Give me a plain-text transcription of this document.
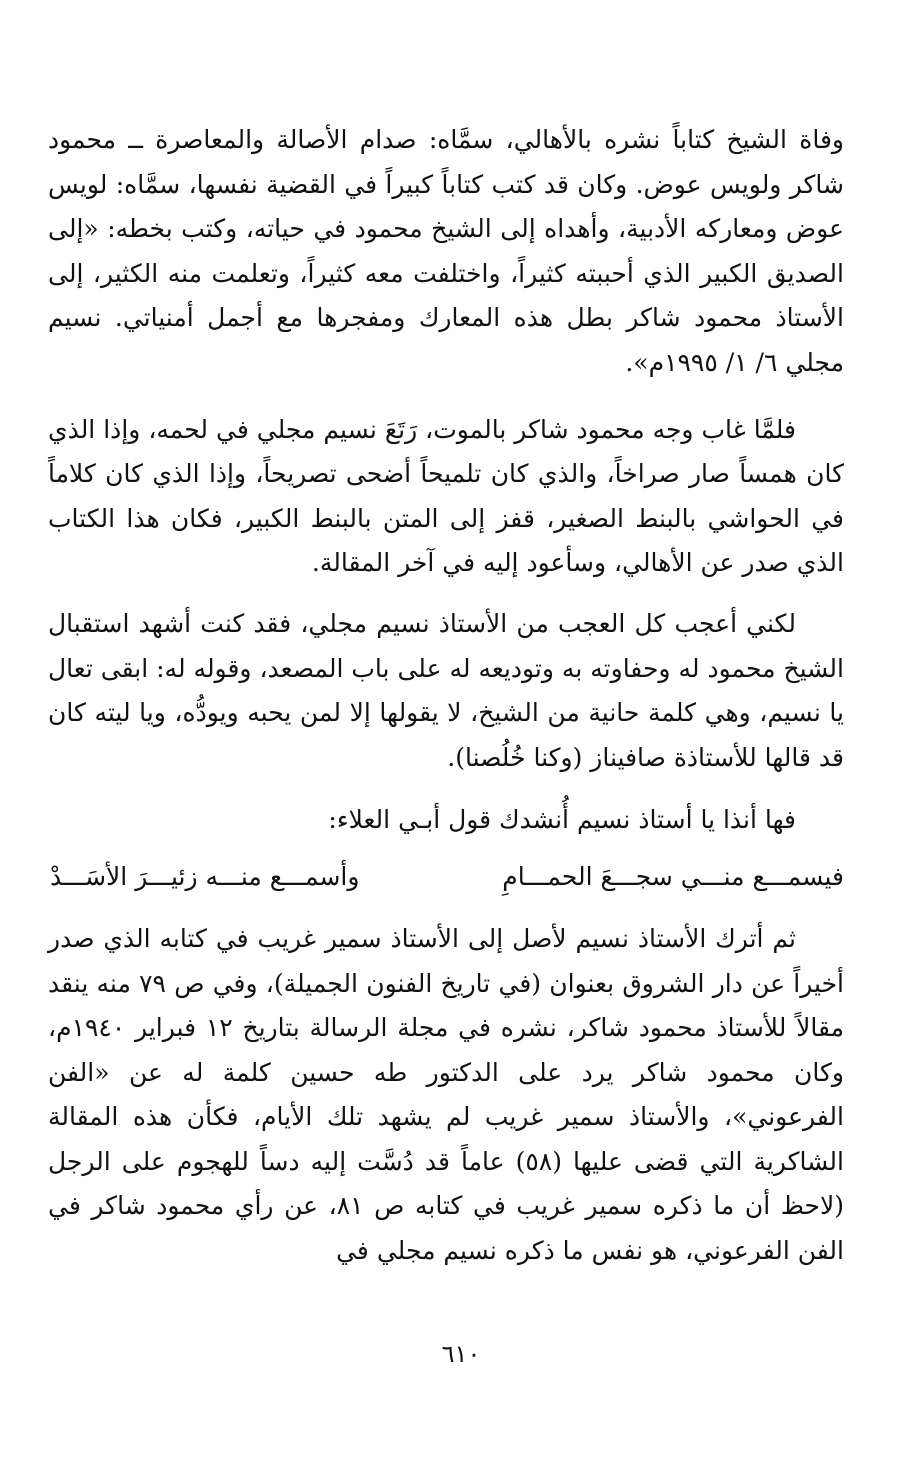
وفاة الشيخ كتاباً نشره بالأهالي، سمَّاه: صدام الأصالة والمعاصرة ــ محمود شاكر ولويس عوض. وكان قد كتب كتاباً كبيراً في القضية نفسها، سمَّاه: لويس عوض ومعاركه الأدبية، وأهداه إلى الشيخ محمود في حياته، وكتب بخطه: «إلى الصديق الكبير الذي أحببته كثيراً، واختلفت معه كثيراً، وتعلمت منه الكثير، إلى الأستاذ محمود شاكر بطل هذه المعارك ومفجرها مع أجمل أمنياتي. نسيم مجلي ٦/ ١/ ١٩٩٥م».

فلمَّا غاب وجه محمود شاكر بالموت، رَتَعَ نسيم مجلي في لحمه، وإذا الذي كان همساً صار صراخاً، والذي كان تلميحاً أضحى تصريحاً، وإذا الذي كان كلاماً في الحواشي بالبنط الصغير، قفز إلى المتن بالبنط الكبير، فكان هذا الكتاب الذي صدر عن الأهالي، وسأعود إليه في آخر المقالة.

لكني أعجب كل العجب من الأستاذ نسيم مجلي، فقد كنت أشهد استقبال الشيخ محمود له وحفاوته به وتوديعه له على باب المصعد، وقوله له: ابقى تعال يا نسيم، وهي كلمة حانية من الشيخ، لا يقولها إلا لمن يحبه ويودُّه، ويا ليته كان قد قالها للأستاذة صافيناز (وكنا خُلُصنا).

فها أنذا يا أستاذ نسيم أُنشدك قول أبـي العلاء:

فيسمـــع منـــي سجـــعَ الحمـــامِ
وأسمـــع منـــه زئيـــرَ الأسَـــدْ

ثم أترك الأستاذ نسيم لأصل إلى الأستاذ سمير غريب في كتابه الذي صدر أخيراً عن دار الشروق بعنوان (في تاريخ الفنون الجميلة)، وفي ص ٧٩ منه ينقد مقالاً للأستاذ محمود شاكر، نشره في مجلة الرسالة بتاريخ ١٢ فبراير ١٩٤٠م، وكان محمود شاكر يرد على الدكتور طه حسين كلمة له عن «الفن الفرعوني»، والأستاذ سمير غريب لم يشهد تلك الأيام، فكأن هذه المقالة الشاكرية التي قضى عليها (٥٨) عاماً قد دُسَّت إليه دساً للهجوم على الرجل (لاحظ أن ما ذكره سمير غريب في كتابه ص ٨١، عن رأي محمود شاكر في الفن الفرعوني، هو نفس ما ذكره نسيم مجلي في

٦١٠
